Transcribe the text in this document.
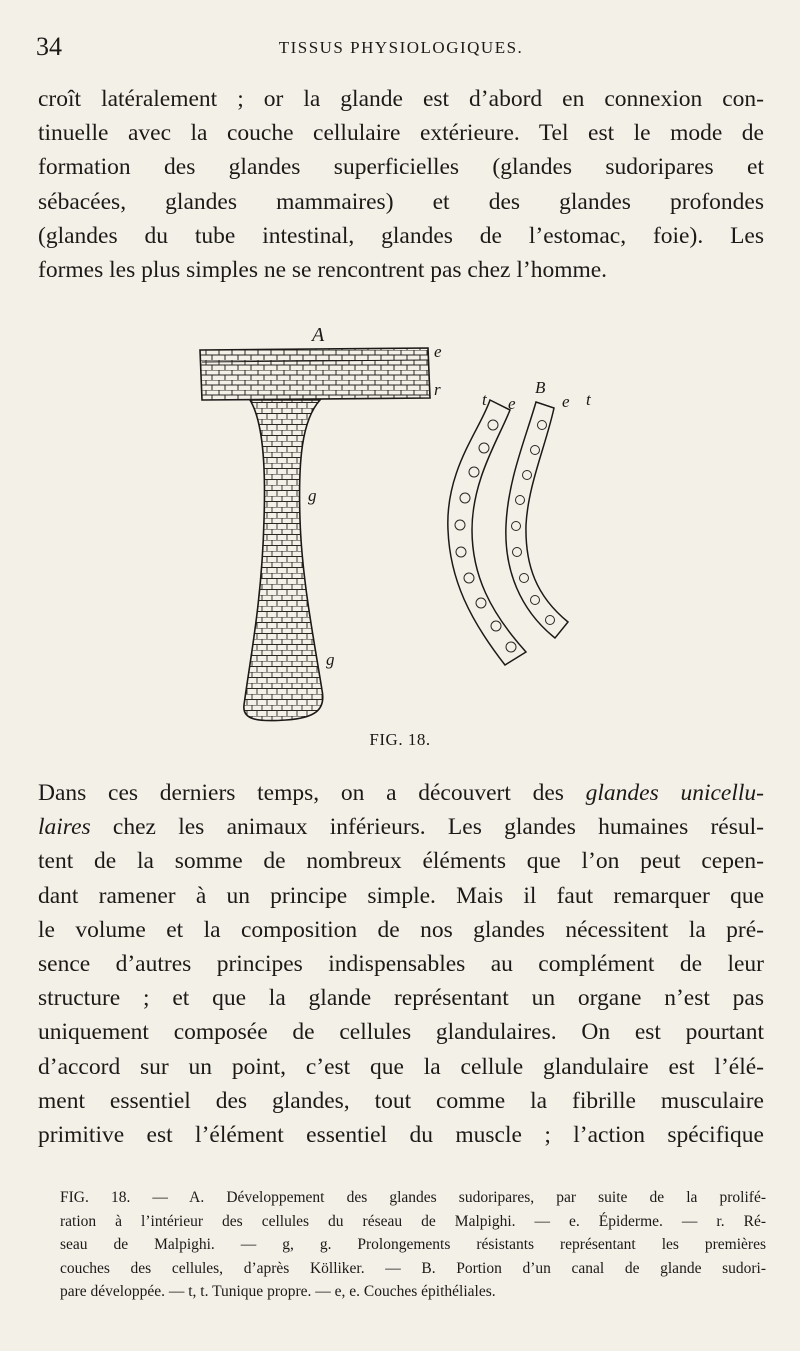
34	TISSUS PHYSIOLOGIQUES.
croît latéralement ; or la glande est d’abord en connexion con-
tinuelle avec la couche cellulaire extérieure. Tel est le mode de
formation des glandes superficielles (glandes sudoripares et
sébacées, glandes mammaires) et des glandes profondes
(glandes du tube intestinal, glandes de l’estomac, foie). Les
formes les plus simples ne se rencontrent pas chez l’homme.
A
e
r
g
g
B
t e	e t
FIG. 18.
Dans ces derniers temps, on a découvert des glandes unicellu-
laires chez les animaux inférieurs. Les glandes humaines résul-
tent de la somme de nombreux éléments que l’on peut cepen-
dant ramener à un principe simple. Mais il faut remarquer que
le volume et la composition de nos glandes nécessitent la pré-
sence d’autres principes indispensables au complément de leur
structure ; et que la glande représentant un organe n’est pas
uniquement composée de cellules glandulaires. On est pourtant
d’accord sur un point, c’est que la cellule glandulaire est l’élé-
ment essentiel des glandes, tout comme la fibrille musculaire
primitive est l’élément essentiel du muscle ; l’action spécifique
FIG. 18. — A. Développement des glandes sudoripares, par suite de la prolifé-
ration à l’intérieur des cellules du réseau de Malpighi. — e. Épiderme. — r. Ré-
seau de Malpighi. — g, g. Prolongements résistants représentant les premières
couches des cellules, d’après Kölliker. — B. Portion d’un canal de glande sudori-
pare développée. — t, t. Tunique propre. — e, e. Couches épithéliales.
